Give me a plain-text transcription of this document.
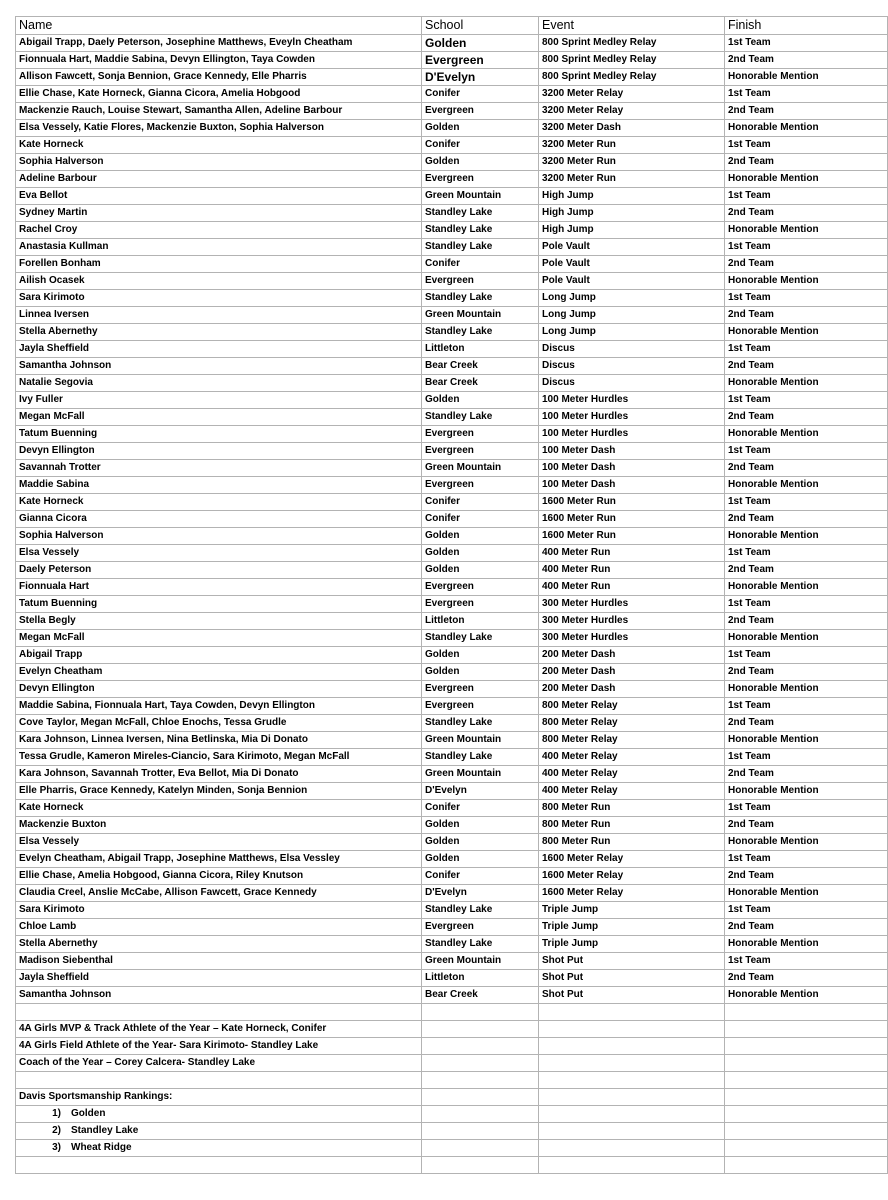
Name	School	Event	Finish
Abigail Trapp, Daely Peterson, Josephine Matthews, Eveyln Cheatham	Golden	800 Sprint Medley Relay	1st Team
Fionnuala Hart, Maddie Sabina, Devyn Ellington, Taya Cowden	Evergreen	800 Sprint Medley Relay	2nd Team
Allison Fawcett, Sonja Bennion, Grace Kennedy, Elle Pharris	D'Evelyn	800 Sprint Medley Relay	Honorable Mention
Ellie Chase, Kate Horneck, Gianna Cicora, Amelia Hobgood	Conifer	3200 Meter Relay	1st Team
Mackenzie Rauch, Louise Stewart, Samantha Allen, Adeline Barbour	Evergreen	3200 Meter Relay	2nd Team
Elsa Vessely, Katie Flores, Mackenzie Buxton, Sophia Halverson	Golden	3200 Meter Dash	Honorable Mention
Kate Horneck	Conifer	3200 Meter Run	1st Team
Sophia Halverson	Golden	3200 Meter Run	2nd Team
Adeline Barbour	Evergreen	3200 Meter Run	Honorable Mention
Eva Bellot	Green Mountain	High Jump	1st Team
Sydney Martin	Standley Lake	High Jump	2nd Team
Rachel Croy	Standley Lake	High Jump	Honorable Mention
Anastasia Kullman	Standley Lake	Pole Vault	1st Team
Forellen Bonham	Conifer	Pole Vault	2nd Team
Ailish Ocasek	Evergreen	Pole Vault	Honorable Mention
Sara Kirimoto	Standley Lake	Long Jump	1st Team
Linnea Iversen	Green Mountain	Long Jump	2nd Team
Stella Abernethy	Standley Lake	Long Jump	Honorable Mention
Jayla Sheffield	Littleton	Discus	1st Team
Samantha Johnson	Bear Creek	Discus	2nd Team
Natalie Segovia	Bear Creek	Discus	Honorable Mention
Ivy Fuller	Golden	100 Meter Hurdles	1st Team
Megan McFall	Standley Lake	100 Meter Hurdles	2nd Team
Tatum Buenning	Evergreen	100 Meter Hurdles	Honorable Mention
Devyn Ellington	Evergreen	100 Meter Dash	1st Team
Savannah Trotter	Green Mountain	100 Meter Dash	2nd Team
Maddie Sabina	Evergreen	100 Meter Dash	Honorable Mention
Kate Horneck	Conifer	1600 Meter Run	1st Team
Gianna Cicora	Conifer	1600 Meter Run	2nd Team
Sophia Halverson	Golden	1600 Meter Run	Honorable Mention
Elsa Vessely	Golden	400 Meter Run	1st Team
Daely Peterson	Golden	400 Meter Run	2nd Team
Fionnuala Hart	Evergreen	400 Meter Run	Honorable Mention
Tatum Buenning	Evergreen	300 Meter Hurdles	1st Team
Stella Begly	Littleton	300 Meter Hurdles	2nd Team
Megan McFall	Standley Lake	300 Meter Hurdles	Honorable Mention
Abigail Trapp	Golden	200 Meter Dash	1st Team
Evelyn Cheatham	Golden	200 Meter Dash	2nd Team
Devyn Ellington	Evergreen	200 Meter Dash	Honorable Mention
Maddie Sabina, Fionnuala Hart, Taya Cowden, Devyn Ellington	Evergreen	800 Meter Relay	1st Team
Cove Taylor, Megan McFall, Chloe Enochs, Tessa Grudle	Standley Lake	800 Meter Relay	2nd Team
Kara Johnson, Linnea Iversen, Nina Betlinska, Mia Di Donato	Green Mountain	800 Meter Relay	Honorable Mention
Tessa Grudle, Kameron Mireles-Ciancio, Sara Kirimoto, Megan McFall	Standley Lake	400 Meter Relay	1st Team
Kara Johnson, Savannah Trotter, Eva Bellot, Mia Di Donato	Green Mountain	400 Meter Relay	2nd Team
Elle Pharris, Grace Kennedy, Katelyn Minden, Sonja Bennion	D'Evelyn	400 Meter Relay	Honorable Mention
Kate Horneck	Conifer	800 Meter Run	1st Team
Mackenzie Buxton	Golden	800 Meter Run	2nd Team
Elsa Vessely	Golden	800 Meter Run	Honorable Mention
Evelyn Cheatham, Abigail Trapp, Josephine Matthews, Elsa Vessley	Golden	1600 Meter Relay	1st Team
Ellie Chase, Amelia Hobgood, Gianna Cicora, Riley Knutson	Conifer	1600 Meter Relay	2nd Team
Claudia Creel, Anslie McCabe, Allison Fawcett, Grace Kennedy	D'Evelyn	1600 Meter Relay	Honorable Mention
Sara Kirimoto	Standley Lake	Triple Jump	1st Team
Chloe Lamb	Evergreen	Triple Jump	2nd Team
Stella Abernethy	Standley Lake	Triple Jump	Honorable Mention
Madison Siebenthal	Green Mountain	Shot Put	1st Team
Jayla Sheffield	Littleton	Shot Put	2nd Team
Samantha Johnson	Bear Creek	Shot Put	Honorable Mention

4A Girls MVP & Track Athlete of the Year – Kate Horneck, Conifer			
4A Girls Field Athlete of the Year- Sara Kirimoto- Standley Lake			
Coach of the Year – Corey Calcera- Standley Lake			

Davis Sportsmanship Rankings:			
1) Golden			
2) Standley Lake			
3) Wheat Ridge			
